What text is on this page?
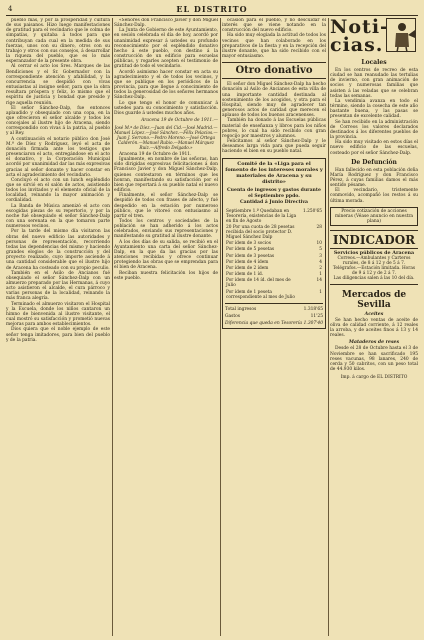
4	EL DISTRITO

pueblo más, y por la prosperidad y cultura de sus paisanos. Hizo luego manifestaciones de gratitud para el vecindario que le colma de simpatías, y quitaba á todos para que contribuyan cada cual en la medida de sus fuerzas, unos con su dinero, otros con su trabajo y otros con sus consejos, á desarrollar la riqueza del pueblo, que es lo más esperanzador de la presente obra.

Al cerrar el acto los Sres. Marques de las Bendiciones y el Sr. Gobernador con la correspondiente atención y afabilidad, y la concurrencia se despidió con vivas entusiastas al insigne señor, para que la obra resultara próspera y feliz, lo mismo que el espíritu de justicia y bondad que preside y rige aquella reunión.

El señor Sánchez-Dalp, fue entonces aplaudido y obsequiado con una copa, en la que ofrecieron el señor alcalde y todos los concejales al ilustre hijo de Aracena, siendo correspondido con vivas á la patria, al pueblo y al Rey.

A continuación el notario público don José M.ª de Díez y Rodríguez, leyó el acta de donación firmada ante los testigos que presenciaron el acto, entregándose en el acto el donativo, y la Corporación Municipal acordó por unanimidad dar las más expresivas gracias al señor donante y hacer constar en acta el agradecimiento del vecindario.

Concluyó el acto con un lunch espléndido que se sirvió en el salón de actos, asistiendo todos los invitados y el elemento oficial de la localidad, reinando la mayor animación y cordialidad.

La Banda de Música amenizó el acto con escogidas piezas de su repertorio, y por la noche fué obsequiado el señor Sánchez-Dalp con una serenata en la que tomaron parte numerosos vecinos.

Por la tarde del mismo día visitaron las obras del nuevo edificio las autoridades y personas de representación, recorriendo todas las dependencias del mismo y haciendo grandes elogios de la construcción y del proyecto realizado, cuyo importe asciende á una cantidad considerable que el ilustre hijo de Aracena ha costeado con su propio peculio.

También en el Asilo de Ancianos fué obsequiado el señor Sánchez-Dalp con un almuerzo preparado por las Hermanas, á cuyo acto asistieron el alcalde, el cura párroco y varias personas de la localidad, reinando la más franca alegría.

Terminado el almuerzo visitaron el Hospital y la Escuela, donde los niños cantaron un himno de bienvenida al ilustre visitante, el cual mostró su satisfacción y prometió nuevas mejoras para ambos establecimientos.

Dios quiera que el noble ejemplo de este señor tenga imitadores, para bien del pueblo y de la patria.

«Señores don Francisco Javier y don Miguel Sánchez-Dalp.

La Junta de Gobierno de este Ayuntamiento, en sesión celebrada el día de hoy, acordó por unanimidad expresar á ustedes su profundo reconocimiento por el espléndido donativo hecho á este pueblo, con destino á la construcción de un edificio para escuelas públicas, y rogarles acepten el testimonio de gratitud de todo el vecindario.

Acordó asimismo hacer constar en acta su agradecimiento y el de todos los vecinos, y que se publique en los periódicos de la provincia, para que llegue á conocimiento de todos la generosidad de los señores hermanos Sánchez-Dalp.

Lo que tengo el honor de comunicar á ustedes para su conocimiento y satisfacción. Dios guarde á ustedes muchos años.

Aracena 19 de Octubre de 1911.—
José M.ª de Díez.—Juan del Cid.—José Madrid.—Manuel López.—José Sánchez.—Félix Pelacios.—Juan J. Serrano.—Pedro Moreno.—José Ortega Calderón.—Manuel Rubio.—Manuel Márquez Ruiz.—Alfredo Delgado.»

Aracena 19 de Octubre de 1911.

Igualmente, en nombre de las señoras, han sido dirigidas expresivas felicitaciones á don Francisco Javier y don Miguel Sánchez-Dalp, quienes contestaron en términos que les honran, manifestando su satisfacción por el bien que reportará á su pueblo natal el nuevo edificio.

Finalmente, el señor Sánchez-Dalp se despidió de todos con frases de afecto, y fué despedido en la estación por numeroso público, que le vitoreó con entusiasmo al partir el tren.

Todos los centros y sociedades de la población se han adherido á los actos celebrados, enviando sus representaciones y manifestando su gratitud al ilustre donante.

A los dos días de su salida, se recibió en el Ayuntamiento una carta del señor Sánchez-Dalp, en la que da las gracias por las atenciones recibidas y ofrece continuar protegiendo las obras que se emprendan para el bien de Aracena.

Reciban nuestra felicitación los hijos de este pueblo.

ocasión para el pueblo, y no descuidar el interés que se viene notando en la construcción del nuevo edificio.

Ha sido muy elogiada la actitud de todos los vecinos que han colaborado en los preparativos de la fiesta y en la recepción del ilustre donante, que ha sido recibido con el mayor entusiasmo.

Otro donativo

El señor don Miguel Sánchez-Dalp ha hecho donación al Asilo de Ancianos de esta villa de una importante cantidad destinada al sostenimiento de los acogidos, y otra para el Hospital, siendo muy de agradecer tan generosos actos de caridad que merecen el aplauso de todos los buenos aracenenses.

También ha donado á las Escuelas públicas material de enseñanza y libros para los niños pobres, lo cual ha sido recibido con gran regocijo por maestros y alumnos.

Felicitamos al señor Sánchez-Dalp y le deseamos larga vida para que pueda seguir haciendo el bien en su pueblo natal.

Comité de la «Liga para el fomento de los intereses morales y materiales de Aracena y su distrito»
Cuenta de ingresos y gastos durante el Septiembre ppdo.
Cantidad á Junio Directiva
Septiembre 1.º Quedaban en Tesorería, existencias de la Liga en fin de Agosto	1.250'65
20 Por una cuota de 28 pesetas recibida del socio protector D. Miguel Sánchez Dalp	28
Por ídem de 3 socios	10
Por ídem de 5 pesetas	5
Por ídem de 3 pesetas	3
Por ídem de 4 ídem	4
Por ídem de 2 ídem	2
Por ídem de 1 íd.	1
Por ídem de 14 íd. del mes de Julio	14
Por ídem de 1 peseta correspondiente al mes de Julio	1
Total ingresos	1.318'65
Gastos	11'25
Diferencia que queda en Tesorería 1.307'40
Noti-cias.
Locales

En los centros de recreo de esta ciudad se han reanudado las tertulias de invierno, con gran animación de socios y numerosas familias que asisten á las veladas que se celebran todas las semanas.

La vendimia avanza en todo el término, siendo la cosecha de este año bastante buena, y las pasas se presentan de excelente calidad.

Se han recibido en la administración de Correos los valores declarados destinados á los diferentes pueblos de la provincia.

Ha sido muy visitado en estos días el nuevo edificio de las escuelas, costeado por el señor Sánchez-Dalp.

De Defunción

Han fallecido en esta población doña María Rodríguez y don Francisco Pérez, á cuyas familias damos el más sentido pésame.

El vecindario, tristemente conmovido, acompañó los restos á su última morada.

Precio cotización de acciones mineras (Véase anuncio en nuestra plana)
INDICADOR
Servicios públicos de Aracena
Correos.—Ambulantes y Carteros rurales, de 8 á 12 y de 5 á 7.
Telégrafos.—Estación limitada. Horas de 9 á 12 y de 2 á 7.
Las diligencias salen á las 10 del día.
Mercados de Sevilla
Aceites

Se han hecho ventas de aceite de oliva de calidad corriente, á 12 reales la arroba, y de aceites finos á 13 y 14 reales.

Mataderos de reses

Desde el 28 de Octubre hasta el 3 de Noviembre se han sacrificado 195 reses vacunas, 98 lanares, 240 de cerda y 50 cabritos, con un peso total de 44.930 kilos.

Imp. á cargo de EL DISTRITO
